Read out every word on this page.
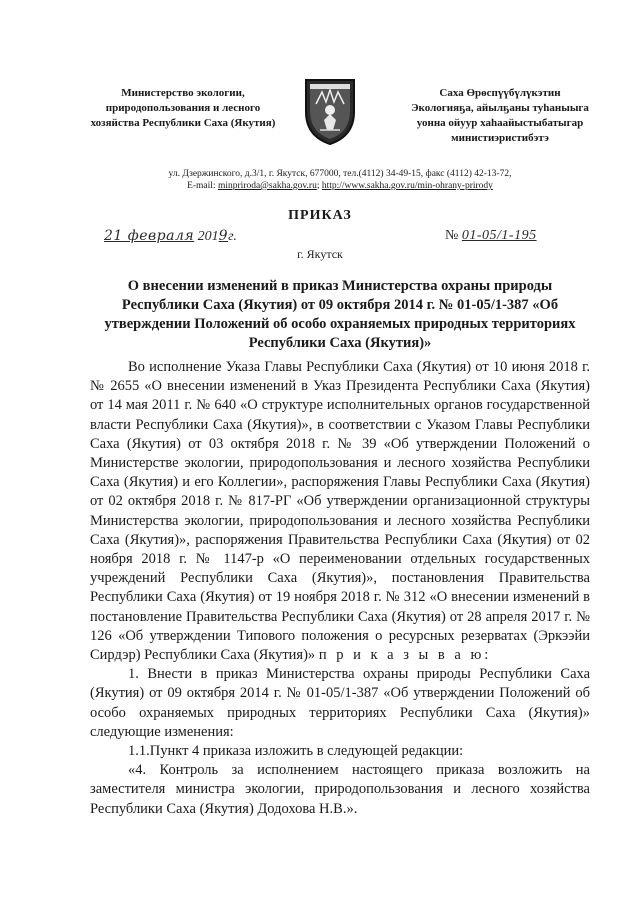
Министерство экологии,
природопользования и лесного
хозяйства Республики Саха (Якутия)
Саха Өрөспүүбүлүкэтин
Экологияҕа, айылҕаны туһаныыга
уонна ойуур хаһаайыстыбатыгар
министиэристибэтэ
ул. Дзержинского, д.3/1, г. Якутск, 677000, тел.(4112) 34-49-15, факс (4112) 42-13-72,
E-mail: minpriroda@sakha.gov.ru; http://www.sakha.gov.ru/min-ohrany-prirody
ПРИКАЗ
21 февраля 2019г.
г. Якутск
№ 01-05/1-195
О внесении изменений в приказ Министерства охраны природы Республики Саха (Якутия) от 09 октября 2014 г. № 01-05/1-387 «Об утверждении Положений об особо охраняемых природных территориях Республики Саха (Якутия)»

Во исполнение Указа Главы Республики Саха (Якутия) от 10 июня 2018 г. № 2655 «О внесении изменений в Указ Президента Республики Саха (Якутия) от 14 мая 2011 г. № 640 «О структуре исполнительных органов государственной власти Республики Саха (Якутия)», в соответствии с Указом Главы Республики Саха (Якутия) от 03 октября 2018 г. № 39 «Об утверждении Положений о Министерстве экологии, природопользования и лесного хозяйства Республики Саха (Якутия) и его Коллегии», распоряжения Главы Республики Саха (Якутия) от 02 октября 2018 г. № 817-РГ «Об утверждении организационной структуры Министерства экологии, природопользования и лесного хозяйства Республики Саха (Якутия)», распоряжения Правительства Республики Саха (Якутия) от 02 ноября 2018 г. № 1147-р «О переименовании отдельных государственных учреждений Республики Саха (Якутия)», постановления Правительства Республики Саха (Якутия) от 19 ноября 2018 г. № 312 «О внесении изменений в постановление Правительства Республики Саха (Якутия) от 28 апреля 2017 г. № 126 «Об утверждении Типового положения о ресурсных резерватах (Эркээйи Сирдэр) Республики Саха (Якутия)» п р и к а з ы в а ю:

1. Внести в приказ Министерства охраны природы Республики Саха (Якутия) от 09 октября 2014 г. № 01-05/1-387 «Об утверждении Положений об особо охраняемых природных территориях Республики Саха (Якутия)» следующие изменения:

1.1.Пункт 4 приказа изложить в следующей редакции:

«4. Контроль за исполнением настоящего приказа возложить на заместителя министра экологии, природопользования и лесного хозяйства Республики Саха (Якутия) Додохова Н.В.».
